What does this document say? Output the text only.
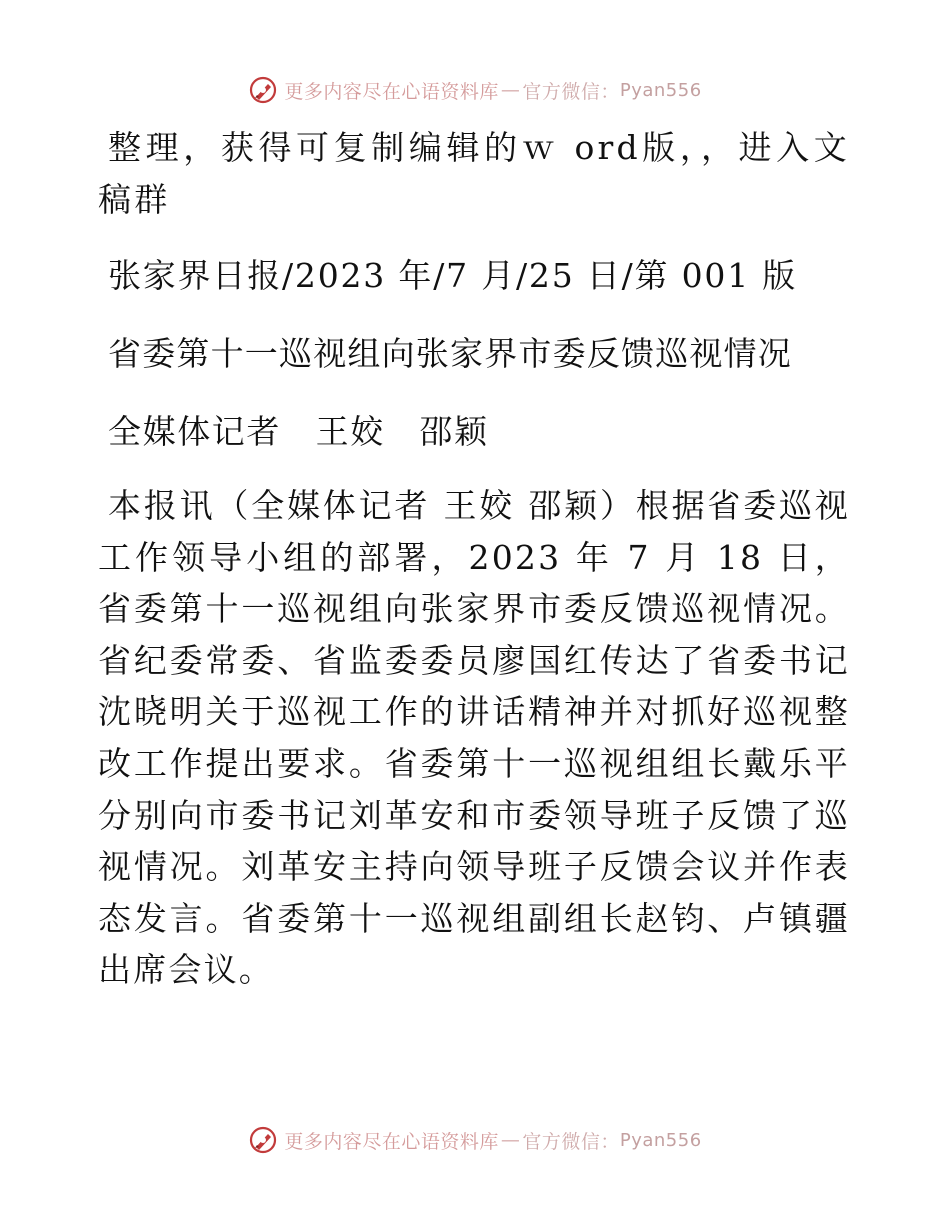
更多内容尽在心语资料库 — 官方微信： Pyan556

整理，获得可复制编辑的ｗ ord版，，进入文稿群

张家界日报/2023 年/7 月/25 日/第 001 版

省委第十一巡视组向张家界市委反馈巡视情况

全媒体记者　王姣　邵颖

本报讯（全媒体记者 王姣 邵颖）根据省委巡视工作领导小组的部署，2023 年 7 月 18 日，省委第十一巡视组向张家界市委反馈巡视情况。省纪委常委、省监委委员廖国红传达了省委书记沈晓明关于巡视工作的讲话精神并对抓好巡视整改工作提出要求。省委第十一巡视组组长戴乐平分别向市委书记刘革安和市委领导班子反馈了巡视情况。刘革安主持向领导班子反馈会议并作表态发言。省委第十一巡视组副组长赵钧、卢镇疆出席会议。

更多内容尽在心语资料库 — 官方微信： Pyan556
